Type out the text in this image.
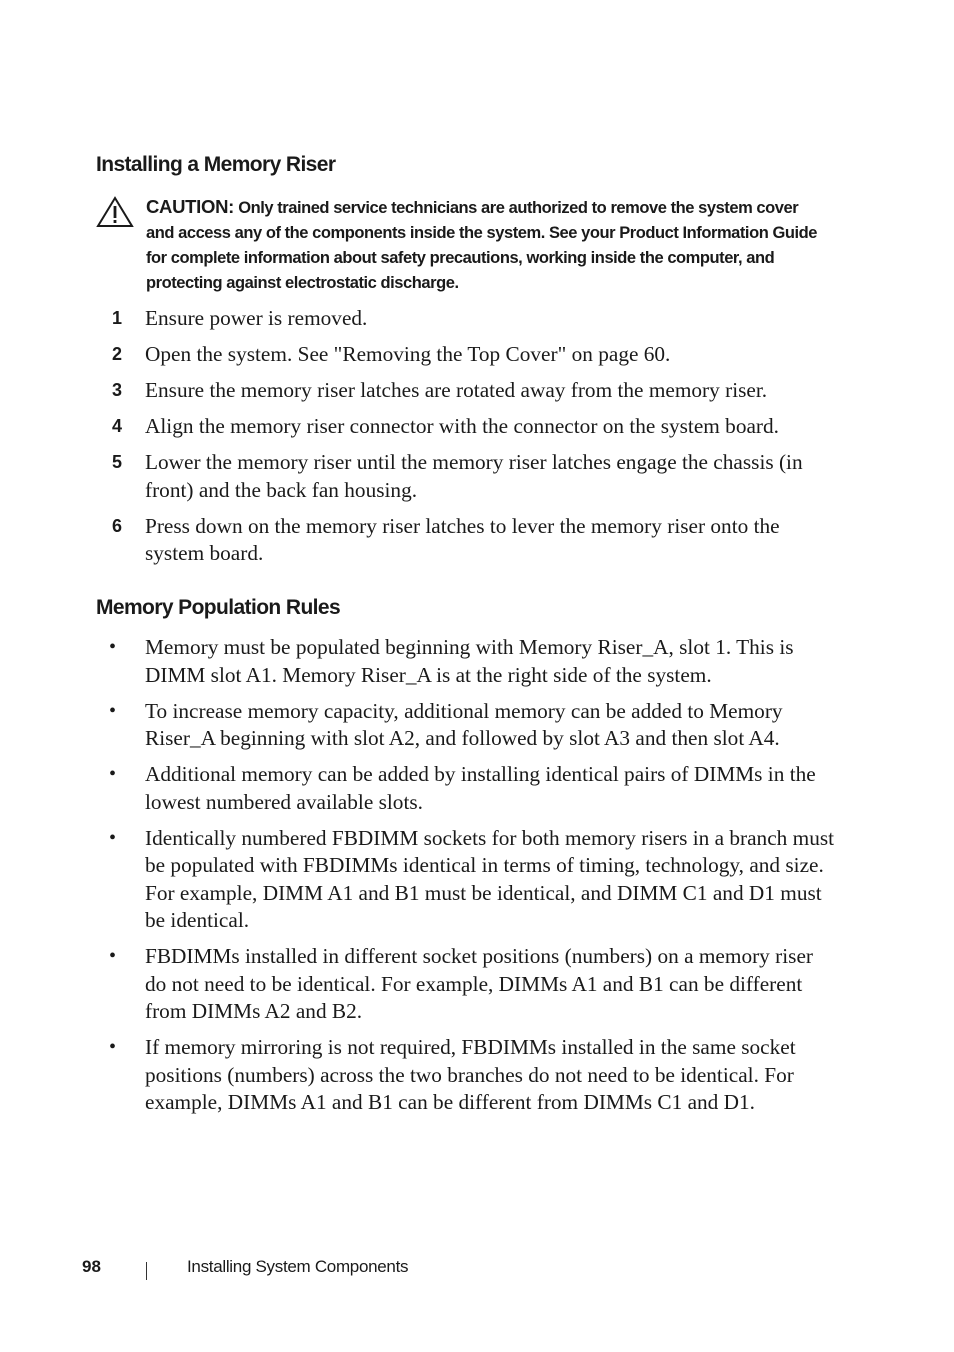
Installing a Memory Riser
CAUTION: Only trained service technicians are authorized to remove the system cover and access any of the components inside the system. See your Product Information Guide for complete information about safety precautions, working inside the computer, and protecting against electrostatic discharge.
1 Ensure power is removed.
2 Open the system. See "Removing the Top Cover" on page 60.
3 Ensure the memory riser latches are rotated away from the memory riser.
4 Align the memory riser connector with the connector on the system board.
5 Lower the memory riser until the memory riser latches engage the chassis (in front) and the back fan housing.
6 Press down on the memory riser latches to lever the memory riser onto the system board.
Memory Population Rules
• Memory must be populated beginning with Memory Riser_A, slot 1. This is DIMM slot A1. Memory Riser_A is at the right side of the system.
• To increase memory capacity, additional memory can be added to Memory Riser_A beginning with slot A2, and followed by slot A3 and then slot A4.
• Additional memory can be added by installing identical pairs of DIMMs in the lowest numbered available slots.
• Identically numbered FBDIMM sockets for both memory risers in a branch must be populated with FBDIMMs identical in terms of timing, technology, and size. For example, DIMM A1 and B1 must be identical, and DIMM C1 and D1 must be identical.
• FBDIMMs installed in different socket positions (numbers) on a memory riser do not need to be identical. For example, DIMMs A1 and B1 can be different from DIMMs A2 and B2.
• If memory mirroring is not required, FBDIMMs installed in the same socket positions (numbers) across the two branches do not need to be identical. For example, DIMMs A1 and B1 can be different from DIMMs C1 and D1.
98	Installing System Components
